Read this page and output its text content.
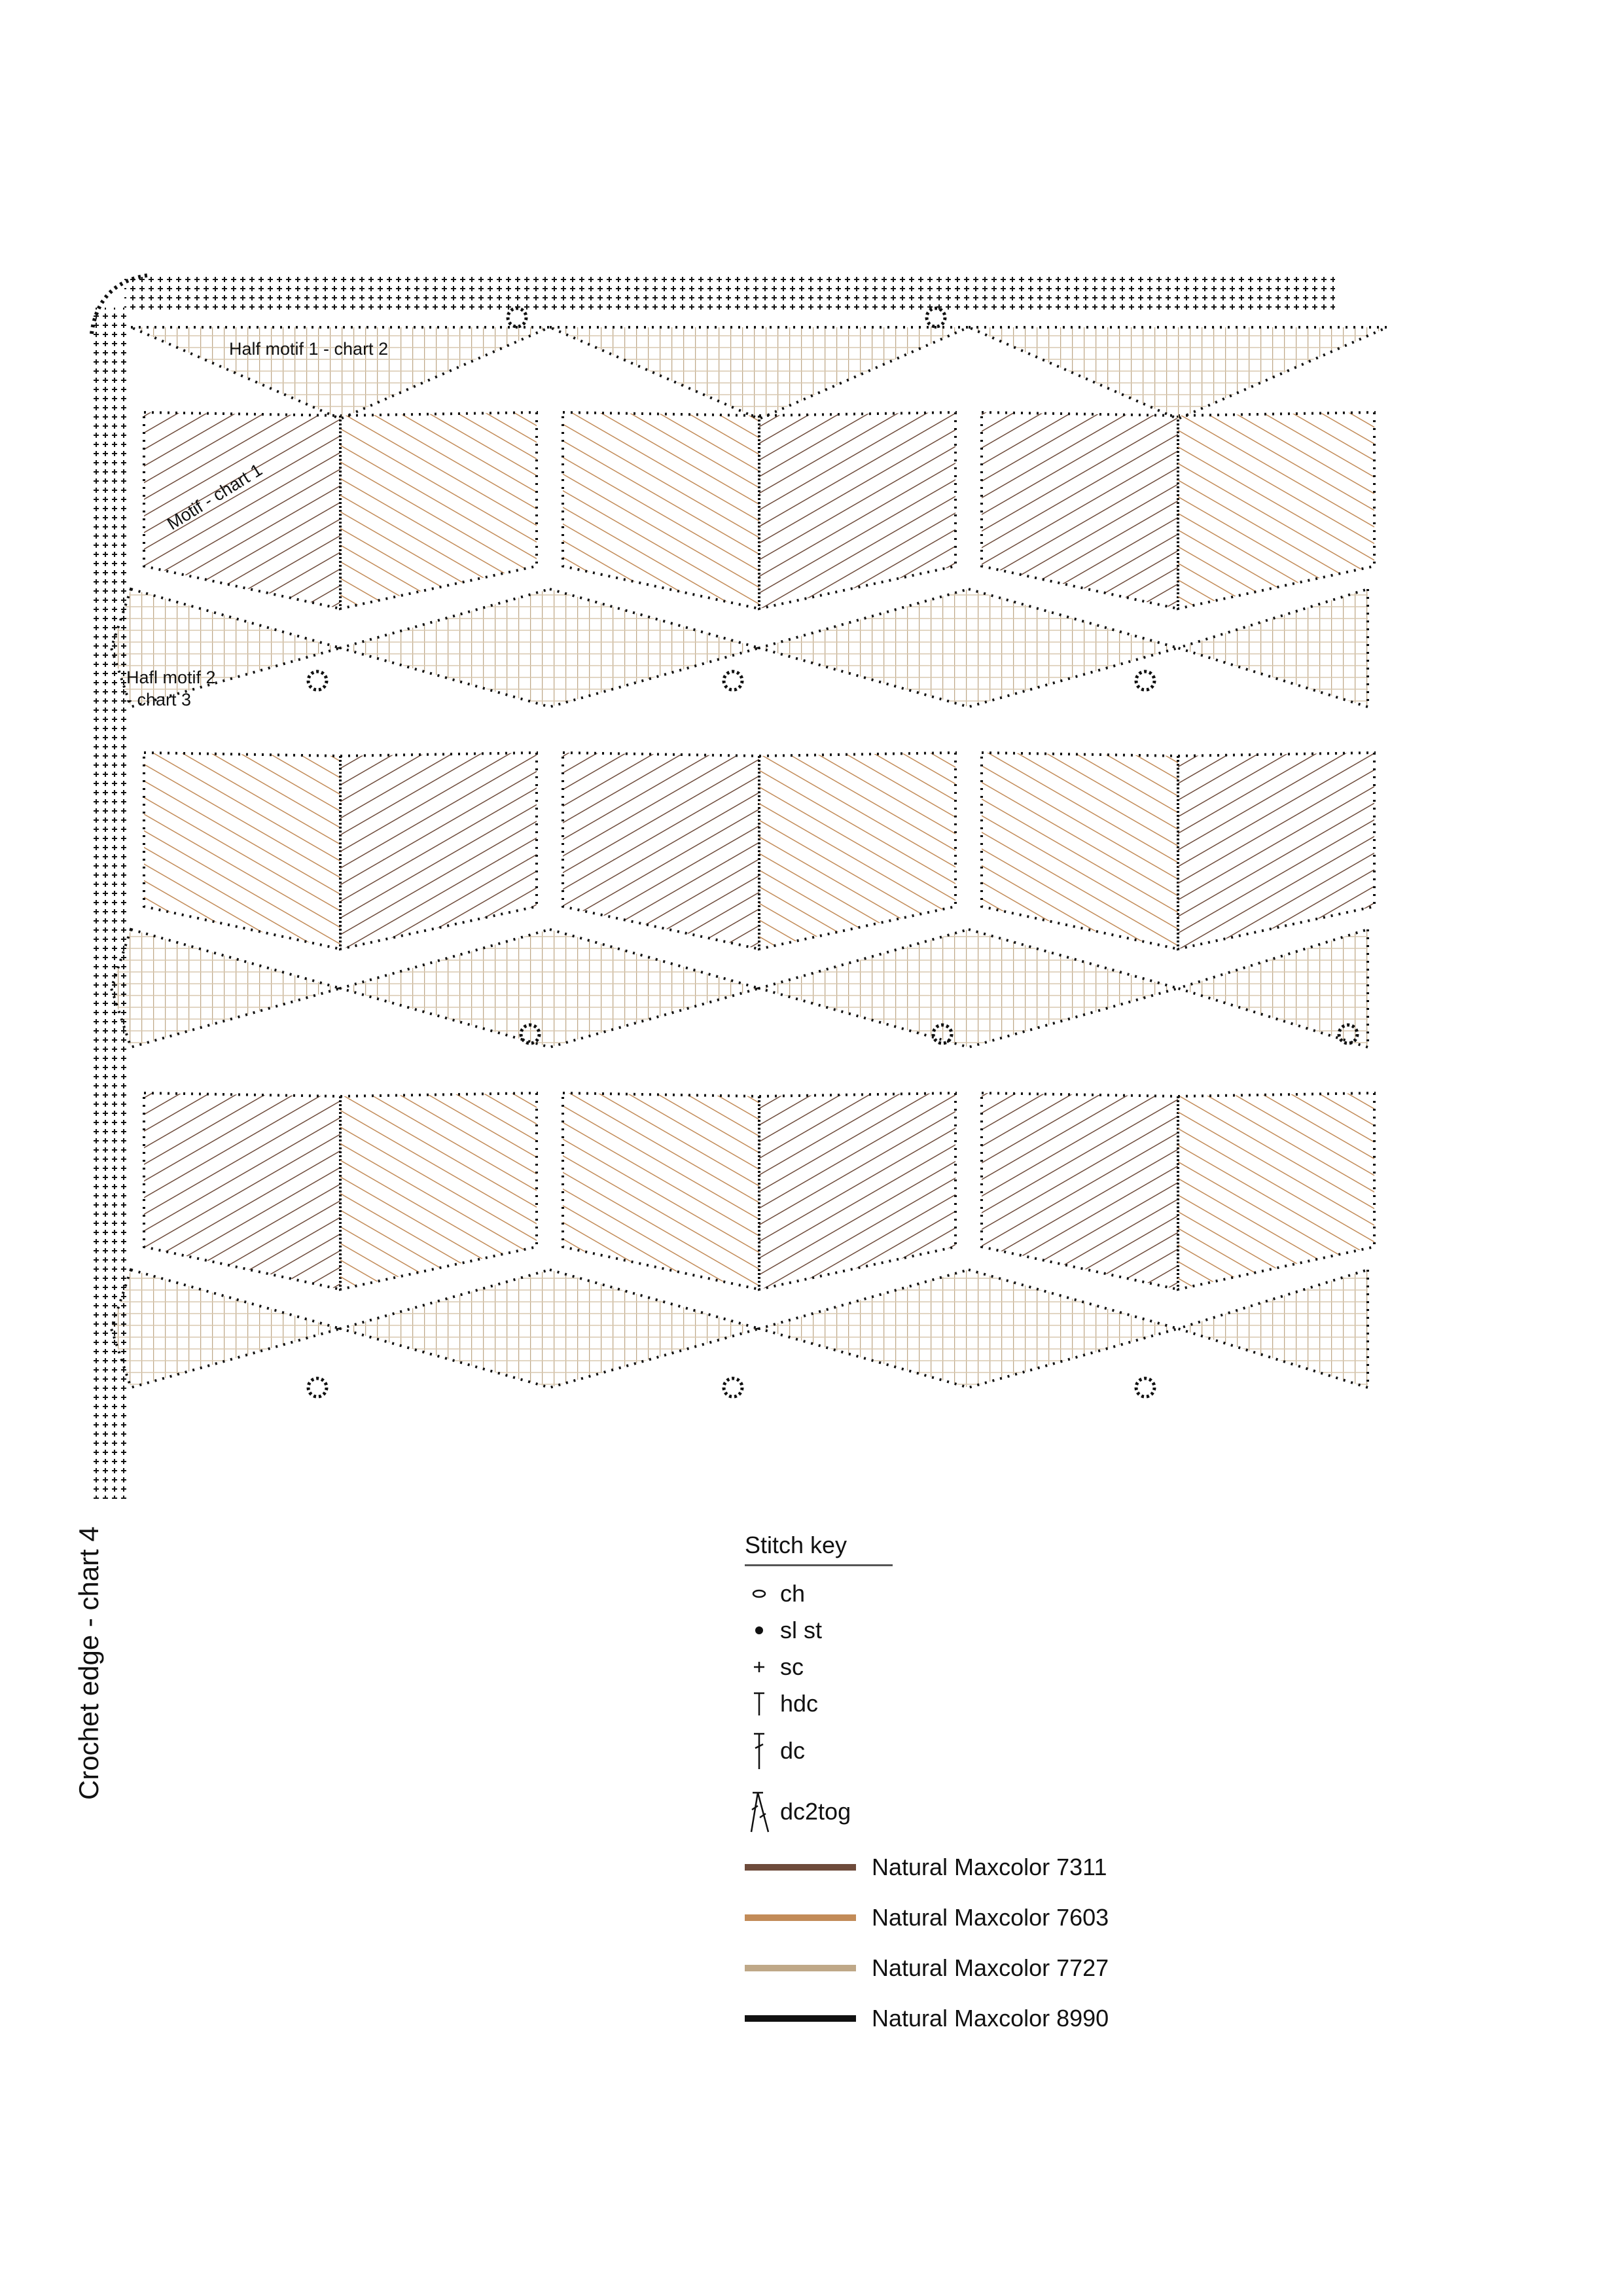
Half motif 1 - chart 2
Motif - chart 1
Hafl motif 2
- chart 3
Crochet edge - chart 4	Stitch key
ch
sl st
sc
hdc
dc
dc2tog
Natural Maxcolor 7311
Natural Maxcolor 7603
Natural Maxcolor 7727
Natural Maxcolor 8990
